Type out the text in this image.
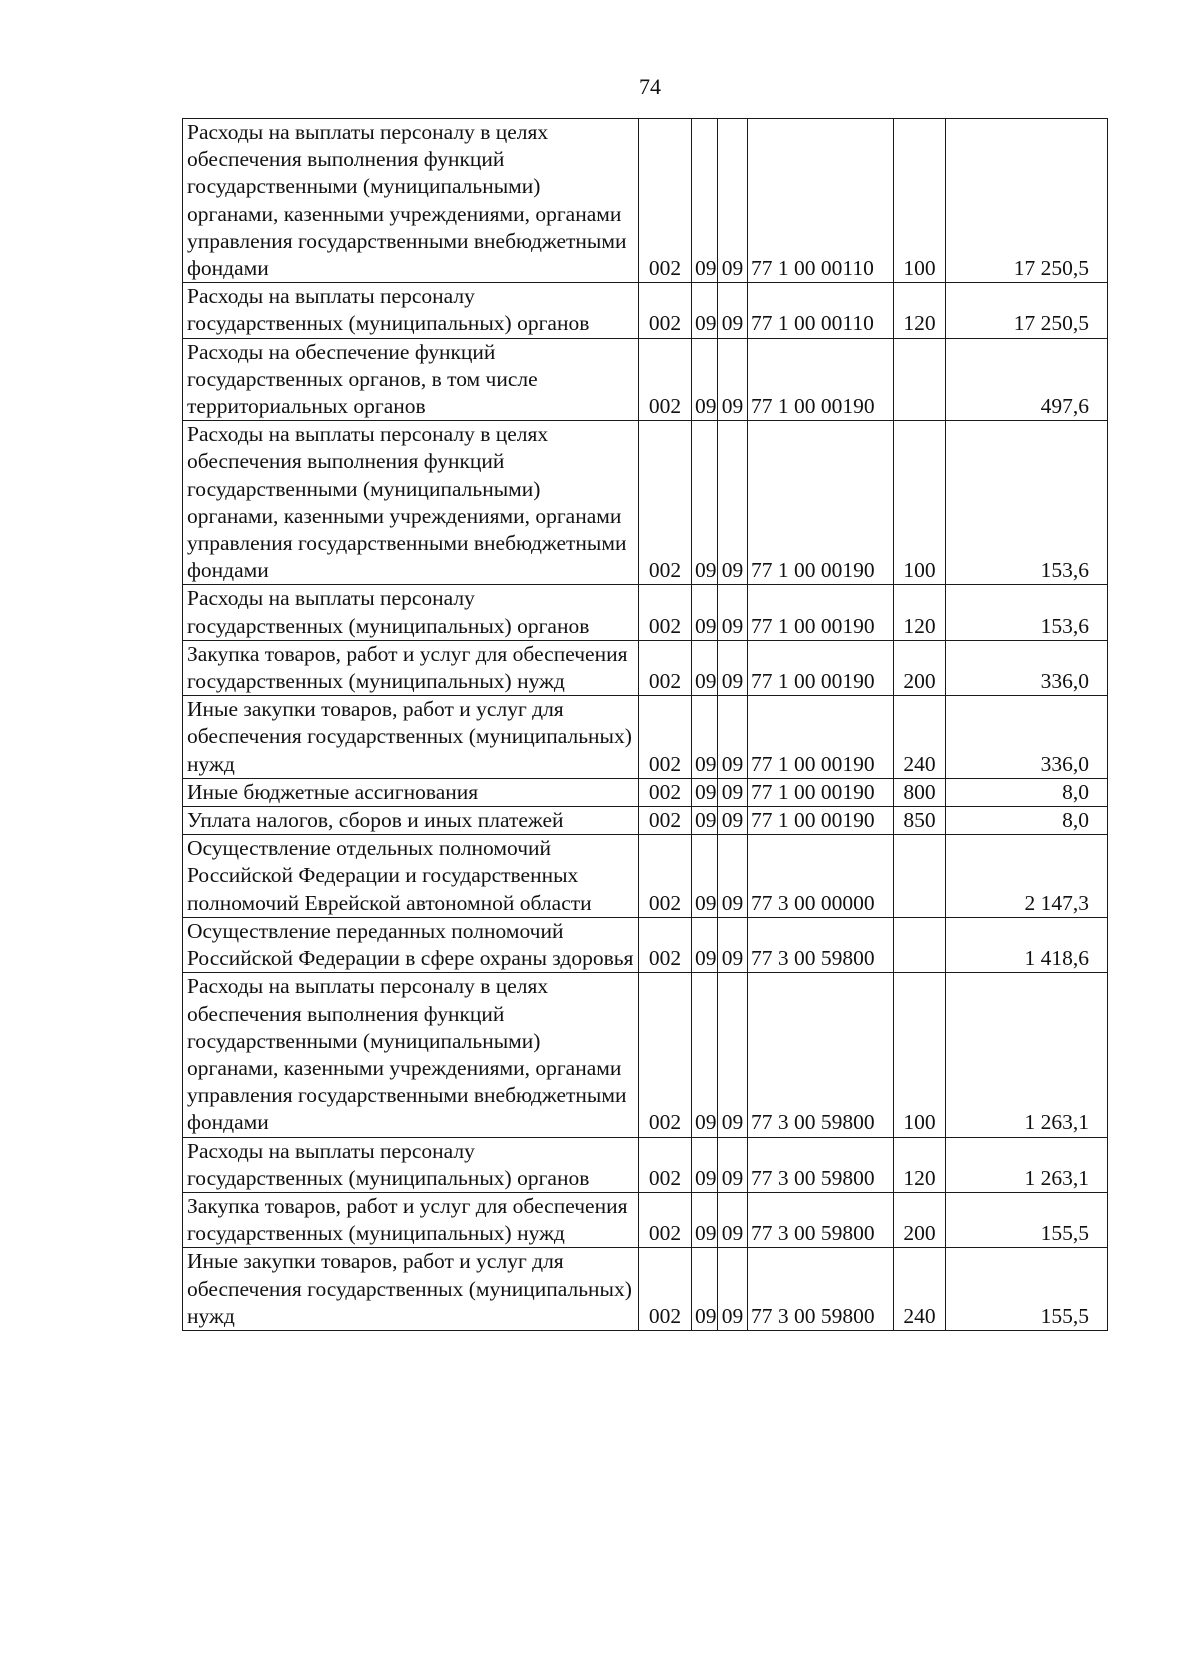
74
Расходы на выплаты персоналу в целях обеспечения выполнения функций государственными (муниципальными) органами, казенными учреждениями, органами управления государственными внебюджетными фондами	002	09	09	77 1 00 00110	100	17 250,5
Расходы на выплаты персоналу государственных (муниципальных) органов	002	09	09	77 1 00 00110	120	17 250,5
Расходы на обеспечение функций государственных органов, в том числе территориальных органов	002	09	09	77 1 00 00190		497,6
Расходы на выплаты персоналу в целях обеспечения выполнения функций государственными (муниципальными) органами, казенными учреждениями, органами управления государственными внебюджетными фондами	002	09	09	77 1 00 00190	100	153,6
Расходы на выплаты персоналу государственных (муниципальных) органов	002	09	09	77 1 00 00190	120	153,6
Закупка товаров, работ и услуг для обеспечения государственных (муниципальных) нужд	002	09	09	77 1 00 00190	200	336,0
Иные закупки товаров, работ и услуг для обеспечения государственных (муниципальных) нужд	002	09	09	77 1 00 00190	240	336,0
Иные бюджетные ассигнования	002	09	09	77 1 00 00190	800	8,0
Уплата налогов, сборов и иных платежей	002	09	09	77 1 00 00190	850	8,0
Осуществление отдельных полномочий Российской Федерации и государственных полномочий Еврейской автономной области	002	09	09	77 3 00 00000		2 147,3
Осуществление переданных полномочий Российской Федерации в сфере охраны здоровья	002	09	09	77 3 00 59800		1 418,6
Расходы на выплаты персоналу в целях обеспечения выполнения функций государственными (муниципальными) органами, казенными учреждениями, органами управления государственными внебюджетными фондами	002	09	09	77 3 00 59800	100	1 263,1
Расходы на выплаты персоналу государственных (муниципальных) органов	002	09	09	77 3 00 59800	120	1 263,1
Закупка товаров, работ и услуг для обеспечения государственных (муниципальных) нужд	002	09	09	77 3 00 59800	200	155,5
Иные закупки товаров, работ и услуг для обеспечения государственных (муниципальных) нужд	002	09	09	77 3 00 59800	240	155,5
